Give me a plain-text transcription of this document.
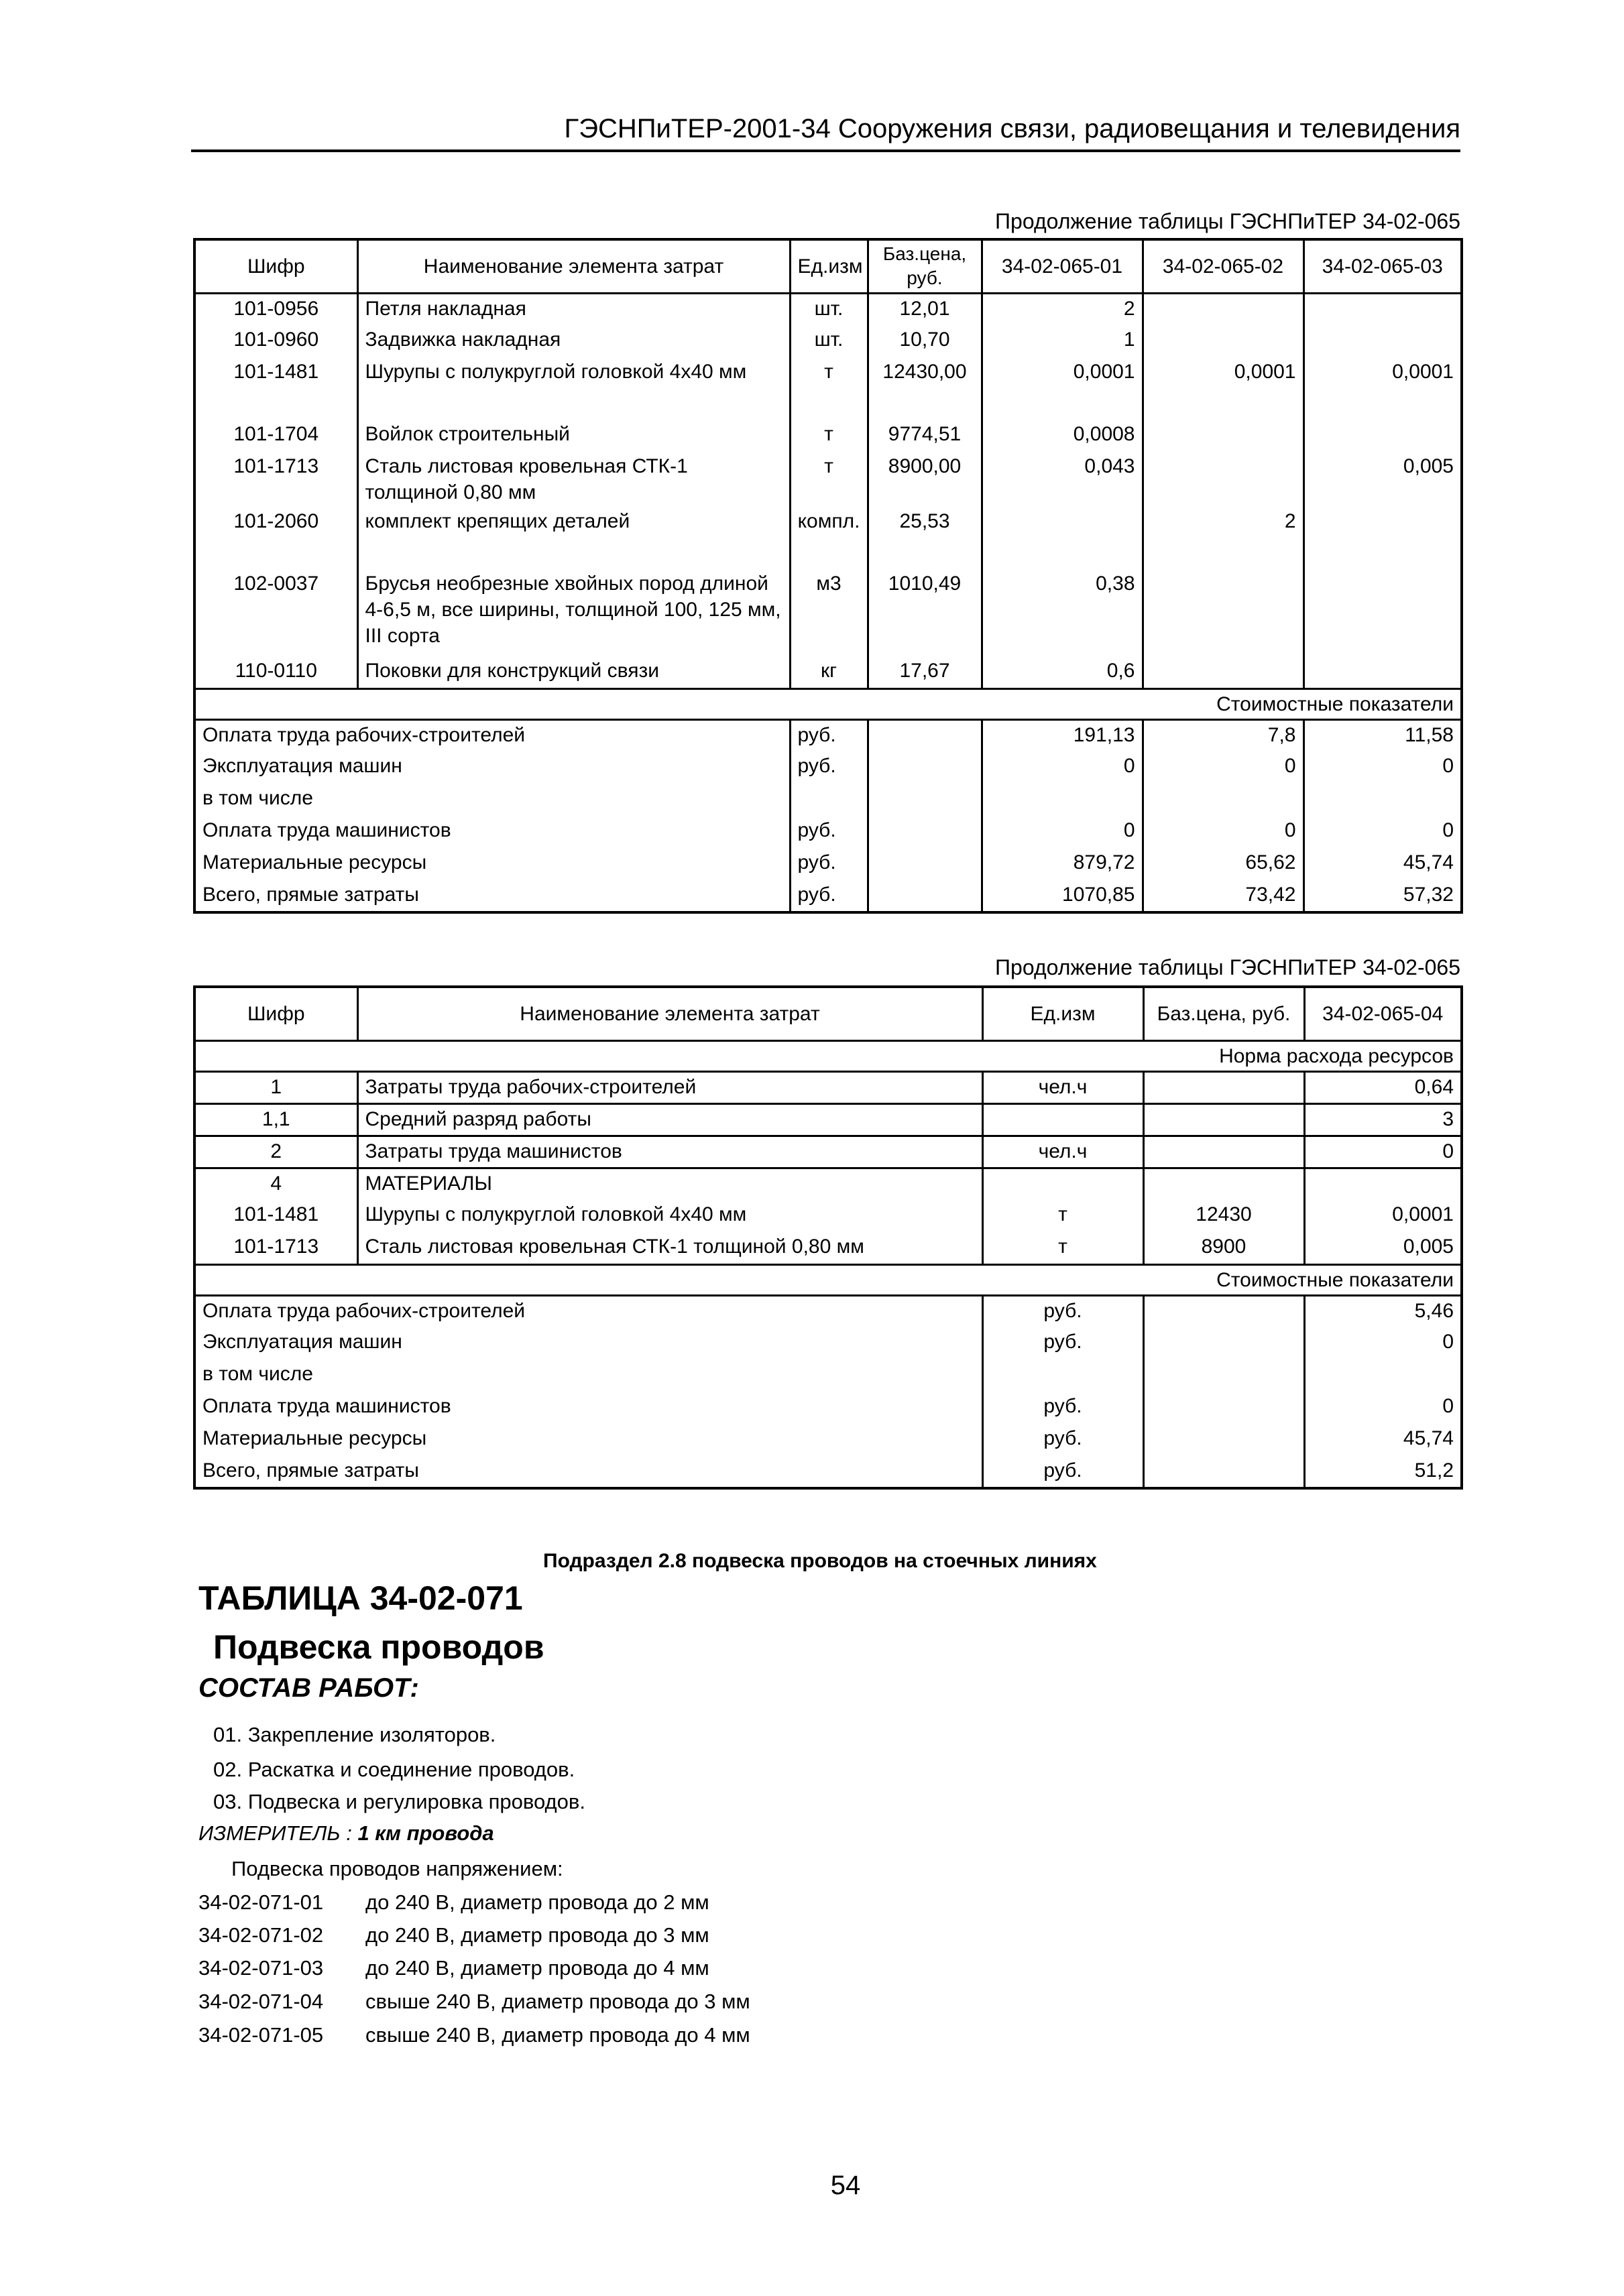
ГЭСНПиТЕР-2001-34 Сооружения связи, радиовещания и телевидения
Продолжение таблицы ГЭСНПиТЕР 34-02-065
Шифр	Наименование элемента затрат	Ед.изм	Баз.цена, руб.	34-02-065-01	34-02-065-02	34-02-065-03
101-0956	Петля накладная	шт.	12,01	2		
101-0960	Задвижка накладная	шт.	10,70	1		
101-1481	Шурупы с полукруглой головкой 4х40 мм	т	12430,00	0,0001	0,0001	0,0001
101-1704	Войлок строительный	т	9774,51	0,0008		
101-1713	Сталь листовая кровельная СТК-1 толщиной 0,80 мм	т	8900,00	0,043		0,005
101-2060	комплект крепящих деталей	компл.	25,53		2	
102-0037	Брусья необрезные хвойных пород длиной 4-6,5 м, все ширины, толщиной 100, 125 мм, III сорта	м3	1010,49	0,38		
110-0110	Поковки для конструкций связи	кг	17,67	0,6		
Стоимостные показатели						
Оплата труда рабочих-строителей		руб.		191,13	7,8	11,58
Эксплуатация машин		руб.		0	0	0
в том числе						
Оплата труда машинистов		руб.		0	0	0
Материальные ресурсы		руб.		879,72	65,62	45,74
Всего, прямые затраты		руб.		1070,85	73,42	57,32
Продолжение таблицы ГЭСНПиТЕР 34-02-065
Шифр	Наименование элемента затрат	Ед.изм	Баз.цена, руб.	34-02-065-04
Норма расхода ресурсов				
1	Затраты труда рабочих-строителей	чел.ч		0,64
1,1	Средний разряд работы			3
2	Затраты труда машинистов	чел.ч		0
4	МАТЕРИАЛЫ			
101-1481	Шурупы с полукруглой головкой 4х40 мм	т	12430	0,0001
101-1713	Сталь листовая кровельная СТК-1 толщиной 0,80 мм	т	8900	0,005
Стоимостные показатели				
Оплата труда рабочих-строителей		руб.		5,46
Эксплуатация машин		руб.		0
в том числе				
Оплата труда машинистов		руб.		0
Материальные ресурсы		руб.		45,74
Всего, прямые затраты		руб.		51,2
Подраздел 2.8 подвеска проводов на стоечных линиях
ТАБЛИЦА 34-02-071
Подвеска проводов
СОСТАВ РАБОТ:
01. Закрепление изоляторов.
02. Раскатка и соединение проводов.
03. Подвеска и регулировка проводов.
ИЗМЕРИТЕЛЬ : 1 км провода
Подвеска проводов напряжением:
34-02-071-01 до 240 В, диаметр провода до 2 мм
34-02-071-02 до 240 В, диаметр провода до 3 мм
34-02-071-03 до 240 В, диаметр провода до 4 мм
34-02-071-04 свыше 240 В, диаметр провода до 3 мм
34-02-071-05 свыше 240 В, диаметр провода до 4 мм
54
